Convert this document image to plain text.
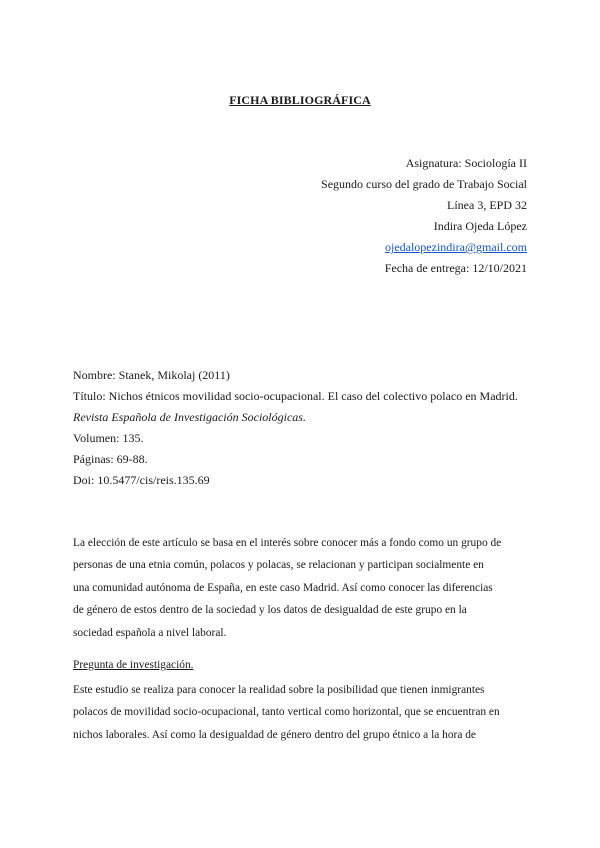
FICHA BIBLIOGRÁFICA
Asignatura: Sociología II
Segundo curso del grado de Trabajo Social
Línea 3, EPD 32
Indira Ojeda López
ojedalopezindira@gmail.com
Fecha de entrega: 12/10/2021
Nombre: Stanek, Mikolaj (2011)
Título: Nichos étnicos movilidad socio-ocupacional. El caso del colectivo polaco en Madrid.
Revista Española de Investigación Sociológicas.
Volumen: 135.
Páginas: 69-88.
Doi: 10.5477/cis/reis.135.69
La elección de este artículo se basa en el interés sobre conocer más a fondo como un grupo de
personas de una etnia común, polacos y polacas, se relacionan y participan socialmente en
una comunidad autónoma de España, en este caso Madrid. Así como conocer las diferencias
de género de estos dentro de la sociedad y los datos de desigualdad de este grupo en la
sociedad española a nivel laboral.
Pregunta de investigación.
Este estudio se realiza para conocer la realidad sobre la posibilidad que tienen inmigrantes
polacos de movilidad socio-ocupacional, tanto vertical como horizontal, que se encuentran en
nichos laborales. Así como la desigualdad de género dentro del grupo étnico a la hora de
